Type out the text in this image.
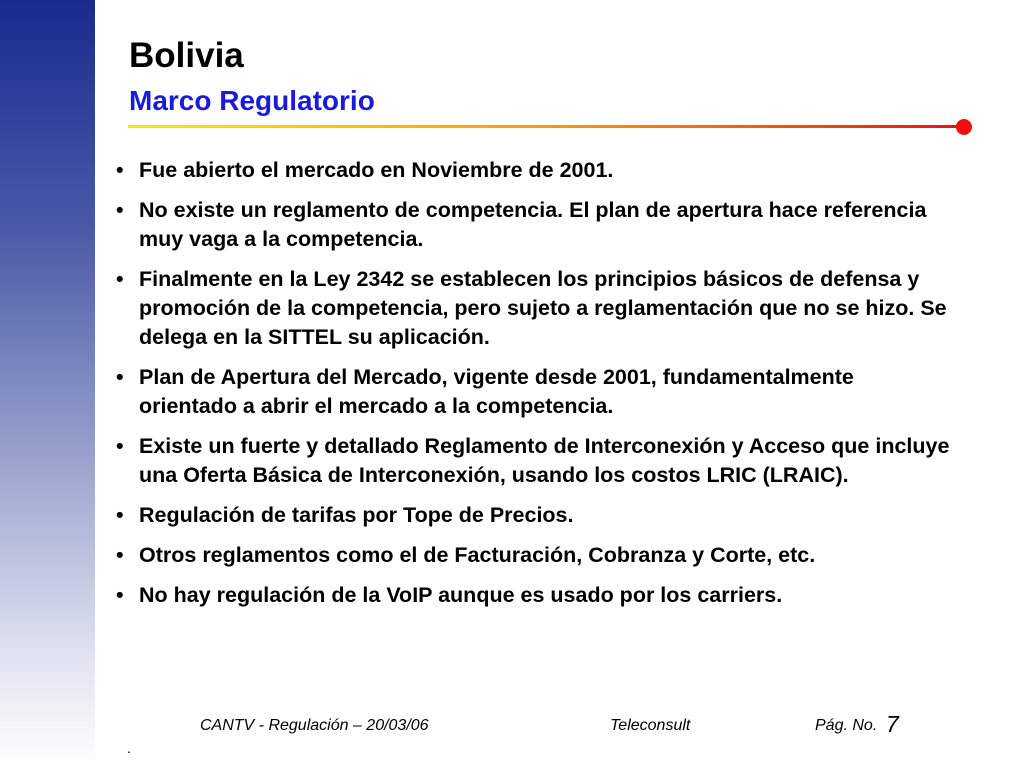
Bolivia
Marco Regulatorio
• Fue abierto el mercado en Noviembre de 2001.
• No existe un reglamento de competencia. El plan de apertura hace referencia muy vaga a la competencia.
• Finalmente en la Ley 2342 se establecen los principios básicos de defensa y promoción de la competencia, pero sujeto a reglamentación que no se hizo. Se delega en la SITTEL su aplicación.
• Plan de Apertura del Mercado, vigente desde 2001, fundamentalmente orientado a abrir el mercado a la competencia.
• Existe un fuerte y detallado Reglamento de Interconexión y Acceso que incluye una Oferta Básica de Interconexión, usando los costos LRIC (LRAIC).
• Regulación de tarifas por Tope de Precios.
• Otros reglamentos como el de Facturación, Cobranza y Corte, etc.
• No hay regulación de la VoIP aunque es usado por los carriers.
CANTV - Regulación – 20/03/06	Teleconsult	Pág. No. 7
.
